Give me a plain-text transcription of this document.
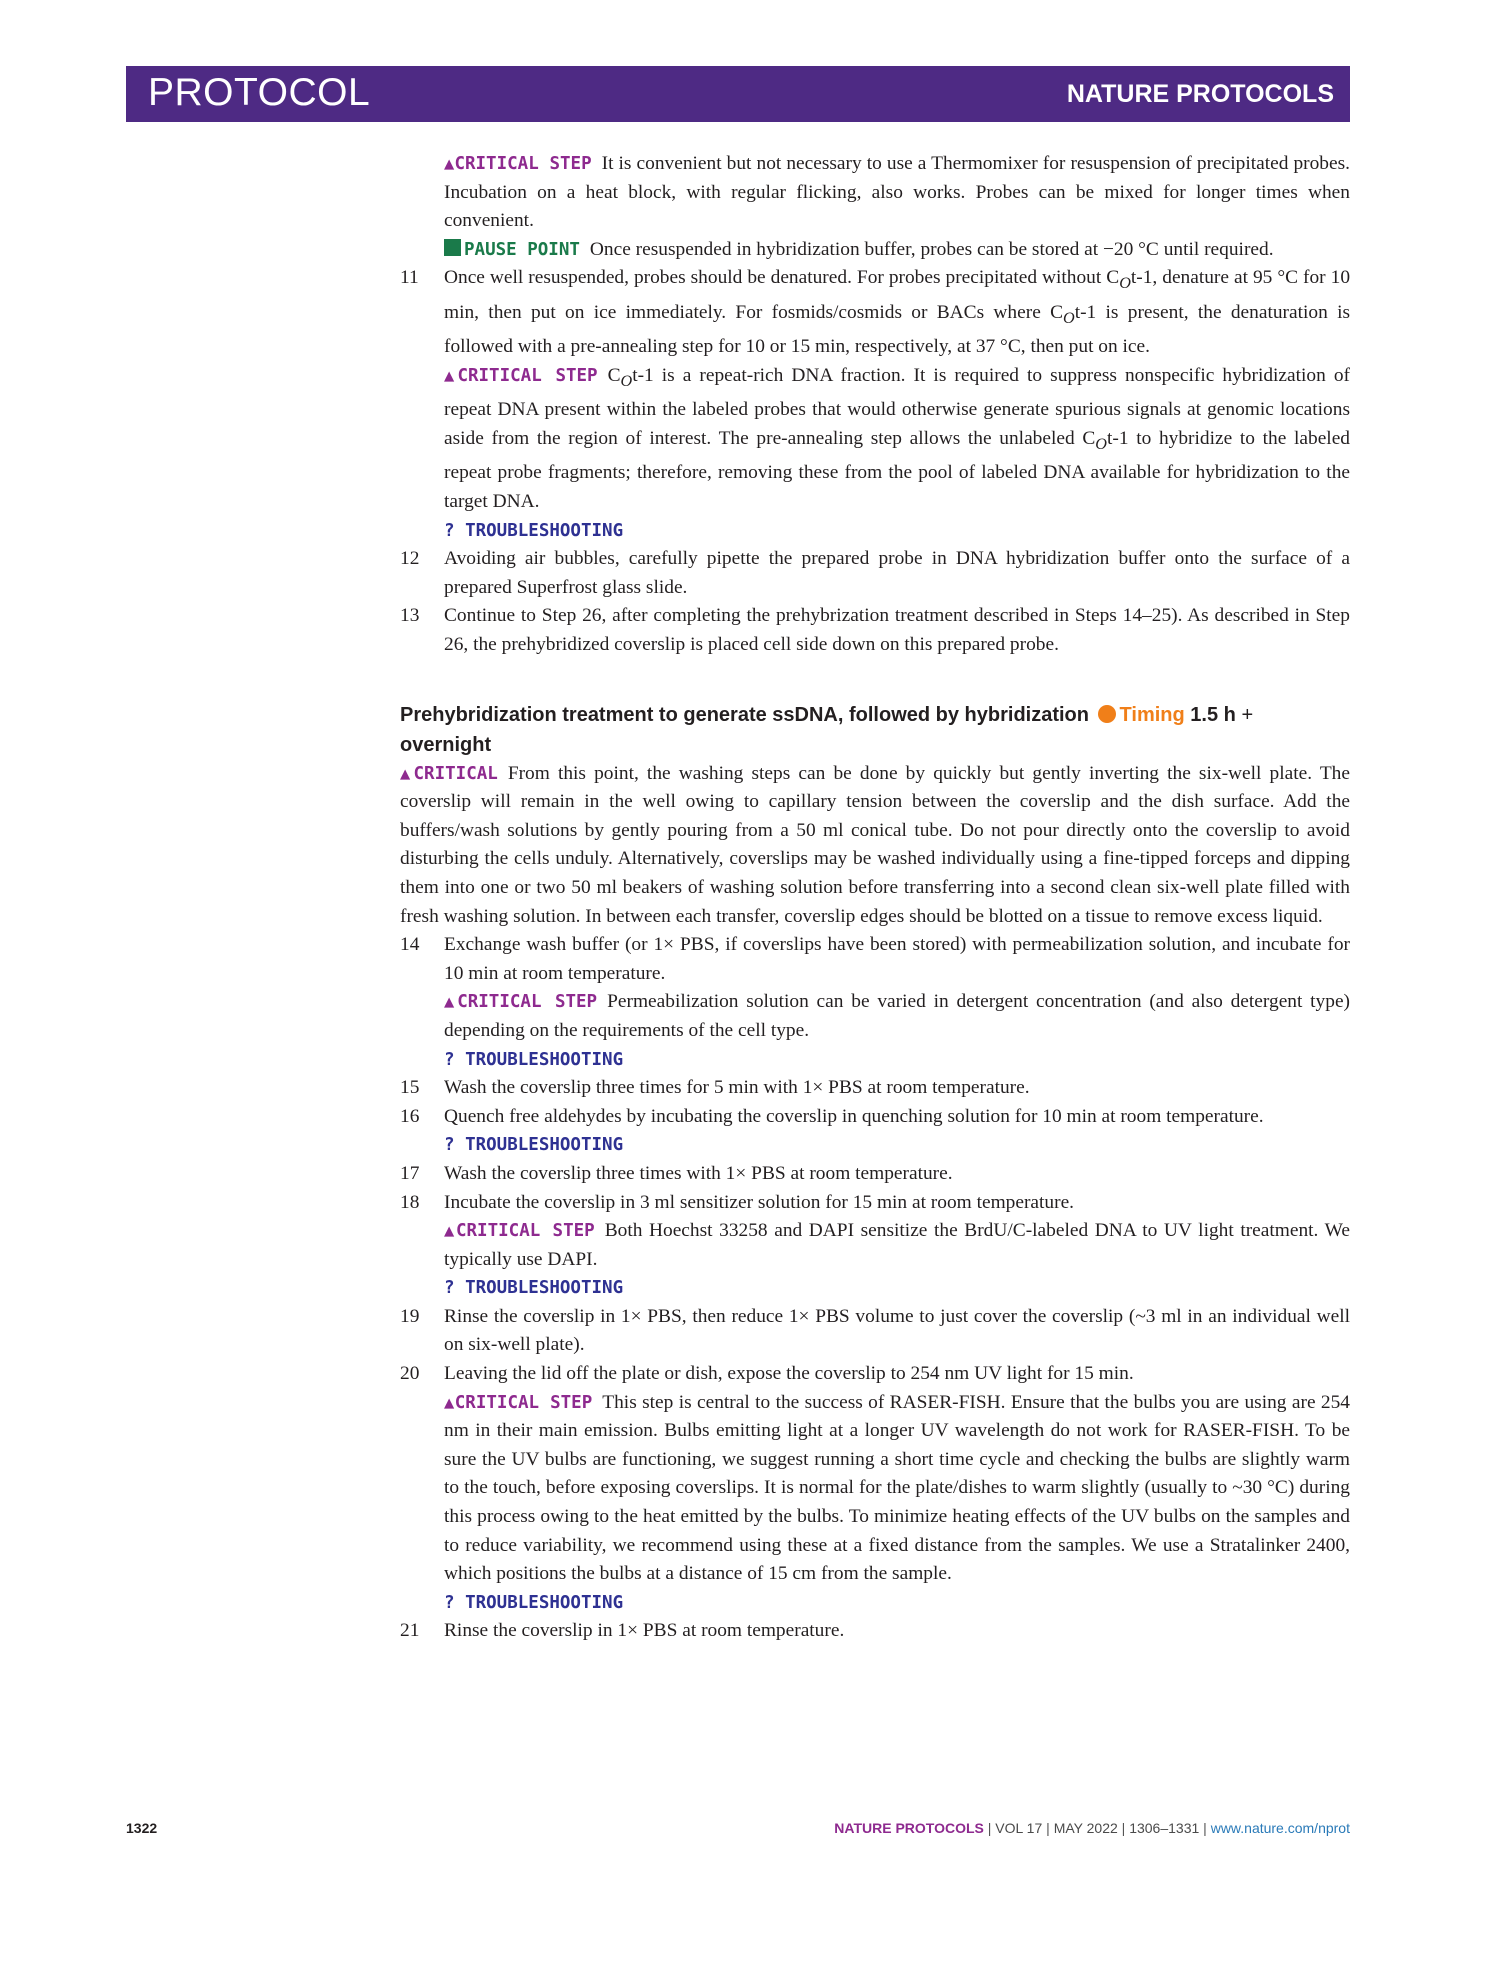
PROTOCOL	NATURE PROTOCOLS
▲CRITICAL STEP It is convenient but not necessary to use a Thermomixer for resuspension of precipitated probes. Incubation on a heat block, with regular flicking, also works. Probes can be mixed for longer times when convenient.
PAUSE POINT Once resuspended in hybridization buffer, probes can be stored at −20 °C until required.
11	Once well resuspended, probes should be denatured. For probes precipitated without $C_Ot-1$, denature at 95 °C for 10 min, then put on ice immediately. For fosmids/cosmids or BACs where $C_Ot-1$ is present, the denaturation is followed with a pre-annealing step for 10 or 15 min, respectively, at 37 °C, then put on ice.
▲CRITICAL STEP $C_Ot-1$ is a repeat-rich DNA fraction. It is required to suppress nonspecific hybridization of repeat DNA present within the labeled probes that would otherwise generate spurious signals at genomic locations aside from the region of interest. The pre-annealing step allows the unlabeled $C_Ot-1$ to hybridize to the labeled repeat probe fragments; therefore, removing these from the pool of labeled DNA available for hybridization to the target DNA.
? TROUBLESHOOTING
12	Avoiding air bubbles, carefully pipette the prepared probe in DNA hybridization buffer onto the surface of a prepared Superfrost glass slide.
13	Continue to Step 26, after completing the prehybrization treatment described in Steps 14–25). As described in Step 26, the prehybridized coverslip is placed cell side down on this prepared probe.
Prehybridization treatment to generate ssDNA, followed by hybridization Timing 1.5 h +
overnight
▲CRITICAL From this point, the washing steps can be done by quickly but gently inverting the six-well plate. The coverslip will remain in the well owing to capillary tension between the coverslip and the dish surface. Add the buffers/wash solutions by gently pouring from a 50 ml conical tube. Do not pour directly onto the coverslip to avoid disturbing the cells unduly. Alternatively, coverslips may be washed individually using a fine-tipped forceps and dipping them into one or two 50 ml beakers of washing solution before transferring into a second clean six-well plate filled with fresh washing solution. In between each transfer, coverslip edges should be blotted on a tissue to remove excess liquid.
14	Exchange wash buffer (or 1× PBS, if coverslips have been stored) with permeabilization solution, and incubate for 10 min at room temperature.
▲CRITICAL STEP Permeabilization solution can be varied in detergent concentration (and also detergent type) depending on the requirements of the cell type.
? TROUBLESHOOTING
15	Wash the coverslip three times for 5 min with 1× PBS at room temperature.
16	Quench free aldehydes by incubating the coverslip in quenching solution for 10 min at room temperature.
? TROUBLESHOOTING
17	Wash the coverslip three times with 1× PBS at room temperature.
18	Incubate the coverslip in 3 ml sensitizer solution for 15 min at room temperature.
▲CRITICAL STEP Both Hoechst 33258 and DAPI sensitize the BrdU/C-labeled DNA to UV light treatment. We typically use DAPI.
? TROUBLESHOOTING
19	Rinse the coverslip in 1× PBS, then reduce 1× PBS volume to just cover the coverslip (~3 ml in an individual well on six-well plate).
20	Leaving the lid off the plate or dish, expose the coverslip to 254 nm UV light for 15 min.
▲CRITICAL STEP This step is central to the success of RASER-FISH. Ensure that the bulbs you are using are 254 nm in their main emission. Bulbs emitting light at a longer UV wavelength do not work for RASER-FISH. To be sure the UV bulbs are functioning, we suggest running a short time cycle and checking the bulbs are slightly warm to the touch, before exposing coverslips. It is normal for the plate/dishes to warm slightly (usually to ~30 °C) during this process owing to the heat emitted by the bulbs. To minimize heating effects of the UV bulbs on the samples and to reduce variability, we recommend using these at a fixed distance from the samples. We use a Stratalinker 2400, which positions the bulbs at a distance of 15 cm from the sample.
? TROUBLESHOOTING
21	Rinse the coverslip in 1× PBS at room temperature.
1322	NATURE PROTOCOLS | VOL 17 | MAY 2022 | 1306–1331 | www.nature.com/nprot
